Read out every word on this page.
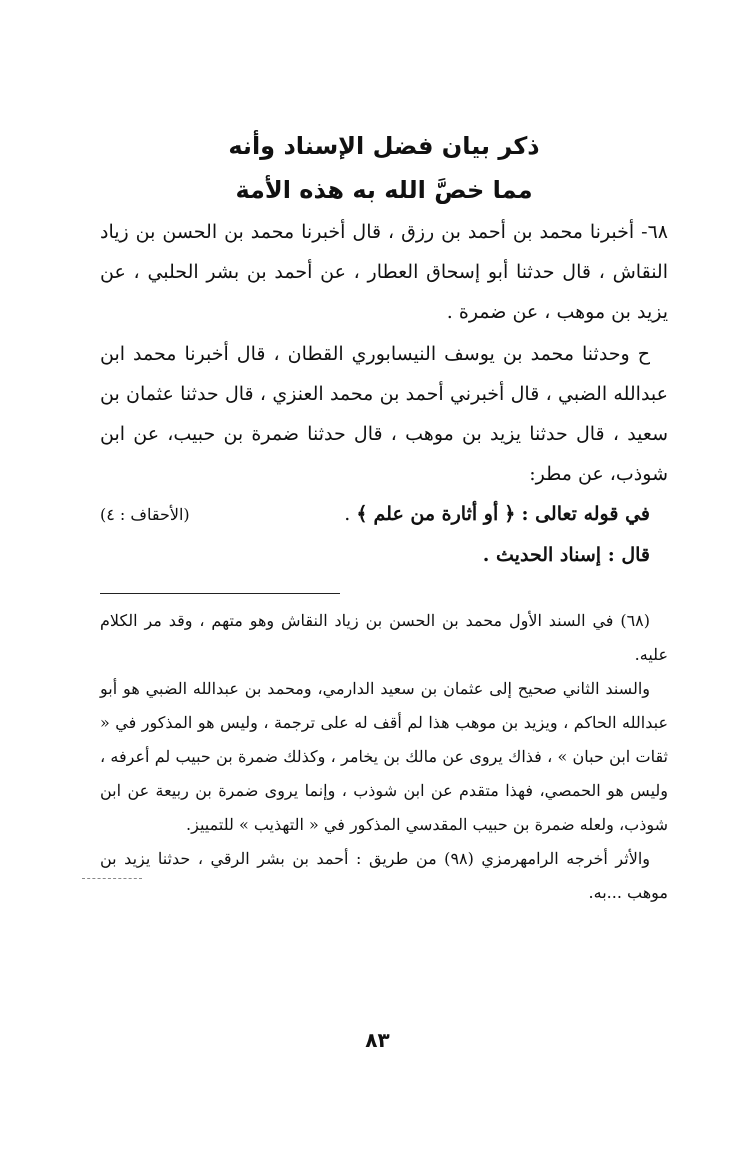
ذكر بيان فضل الإسناد وأنه
مما خصَّ الله به هذه الأمة

٦٨- أخبرنا محمد بن أحمد بن رزق ، قال أخبرنا محمد بن الحسن بن زياد النقاش ، قال حدثنا أبو إسحاق العطار ، عن أحمد بن بشر الحلبي ، عن يزيد بن موهب ، عن ضمرة .

ح وحدثنا محمد بن يوسف النيسابوري القطان ، قال أخبرنا محمد ابن عبدالله الضبي ، قال أخبرني أحمد بن محمد العنزي ، قال حدثنا عثمان بن سعيد ، قال حدثنا يزيد بن موهب ، قال حدثنا ضمرة بن حبيب، عن ابن شوذب، عن مطر:

في قوله تعالى : ﴿ أو أثارة من علم ﴾ .
(الأحقاف : ٤)

قال : إسناد الحديث .

(٦٨) في السند الأول محمد بن الحسن بن زياد النقاش وهو متهم ، وقد مر الكلام عليه.

والسند الثاني صحيح إلى عثمان بن سعيد الدارمي، ومحمد بن عبدالله الضبي هو أبو عبدالله الحاكم ، ويزيد بن موهب هذا لم أقف له على ترجمة ، وليس هو المذكور في « ثقات ابن حبان » ، فذاك يروى عن مالك بن يخامر ، وكذلك ضمرة بن حبيب لم أعرفه ، وليس هو الحمصي، فهذا متقدم عن ابن شوذب ، وإنما يروى ضمرة بن ربيعة عن ابن شوذب، ولعله ضمرة بن حبيب المقدسي المذكور في « التهذيب » للتمييز.

والأثر أخرجه الرامهرمزي (٩٨) من طريق : أحمد بن بشر الرقي ، حدثنا يزيد بن موهب ...به.

٨٣
